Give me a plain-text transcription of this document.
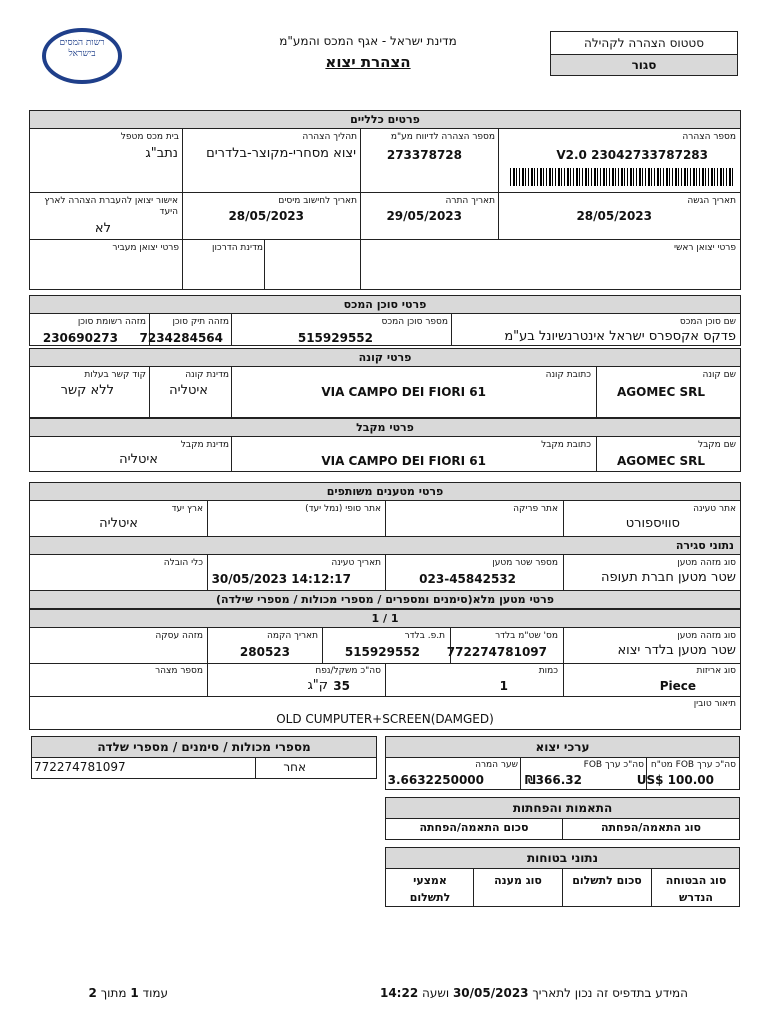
רשות המסים בישראל
מדינת ישראל - אגף המכס והמע"מ
הצהרת יצוא
סטטוס הצהרה לקהילה
סגור
פרטים כלליים
מספר הצהרה
23042733787283 V2.0
מספר הצהרה לדיווח מע"מ
273378728
תהליך הצהרה
יצוא מסחרי-מקוצר-בלדרים
בית מכס מטפל
נתב"ג
תאריך הגשה
28/05/2023
תאריך התרה
29/05/2023
תאריך לחישוב מיסים
28/05/2023
אישור יצואן להעברת הצהרה לארץ היעד
לא
פרטי יצואן ראשי
מדינת הדרכון
פרטי יצואן מעביר
פרטי סוכן המכס
שם סוכן המכס
פדקס אקספרס ישראל אינטרנשיונל בע"מ
מספר סוכן המכס
515929552
מזהה תיק סוכן
7234284564
מזהה רשומת סוכן
230690273
פרטי קונה
שם קונה
AGOMEC SRL
כתובת קונה
VIA CAMPO DEI FIORI 61
מדינת קונה
איטליה
קוד קשר בעלות
ללא קשר
פרטי מקבל
שם מקבל
AGOMEC SRL
כתובת מקבל
VIA CAMPO DEI FIORI 61
מדינת מקבל
איטליה
פרטי מטענים משותפים
אתר טעינה
סוויספורט
אתר פריקה
אתר סופי (נמל יעד)
ארץ יעד
איטליה
נתוני סגירה
סוג מזהה מטען
שטר מטען חברת תעופה
מספר שטר מטען
023-45842532
תאריך טעינה
30/05/2023 14:12:17
כלי הובלה
פרטי מטען מלא(סימנים ומספרים / מספרי מכולות / מספרי שילדה)
1 / 1
סוג מזהה מטען
שטר מטען בלדר יצוא
מס' שט"מ בלדר
772274781097
ת.פ. בלדר
515929552
תאריך הקמה
280523
מזהה עסקה
סוג אריזות
Piece
כמות
1
סה"כ משקל/נפח
35
ק"ג
מספר מצהר
תיאור טובין
OLD CUMPUTER+SCREEN(DAMGED)
מספרי מכולות / סימנים / מספרי שלדה
אחר
772274781097
ערכי יצוא
סה"כ ערך FOB מט"ח
US$ 100.00
סה"כ ערך FOB
₪366.32
שער המרה
3.6632250000
התאמות והפחתות
סוג התאמה/הפחתה
סכום התאמה/הפחתה
נתוני בטוחות
סוג הבטוחה הנדרש
סכום לתשלום
סוג מענה
אמצעי לתשלום
המידע בתדפיס זה נכון לתאריך 30/05/2023 ושעה 14:22
עמוד 1 מתוך 2
